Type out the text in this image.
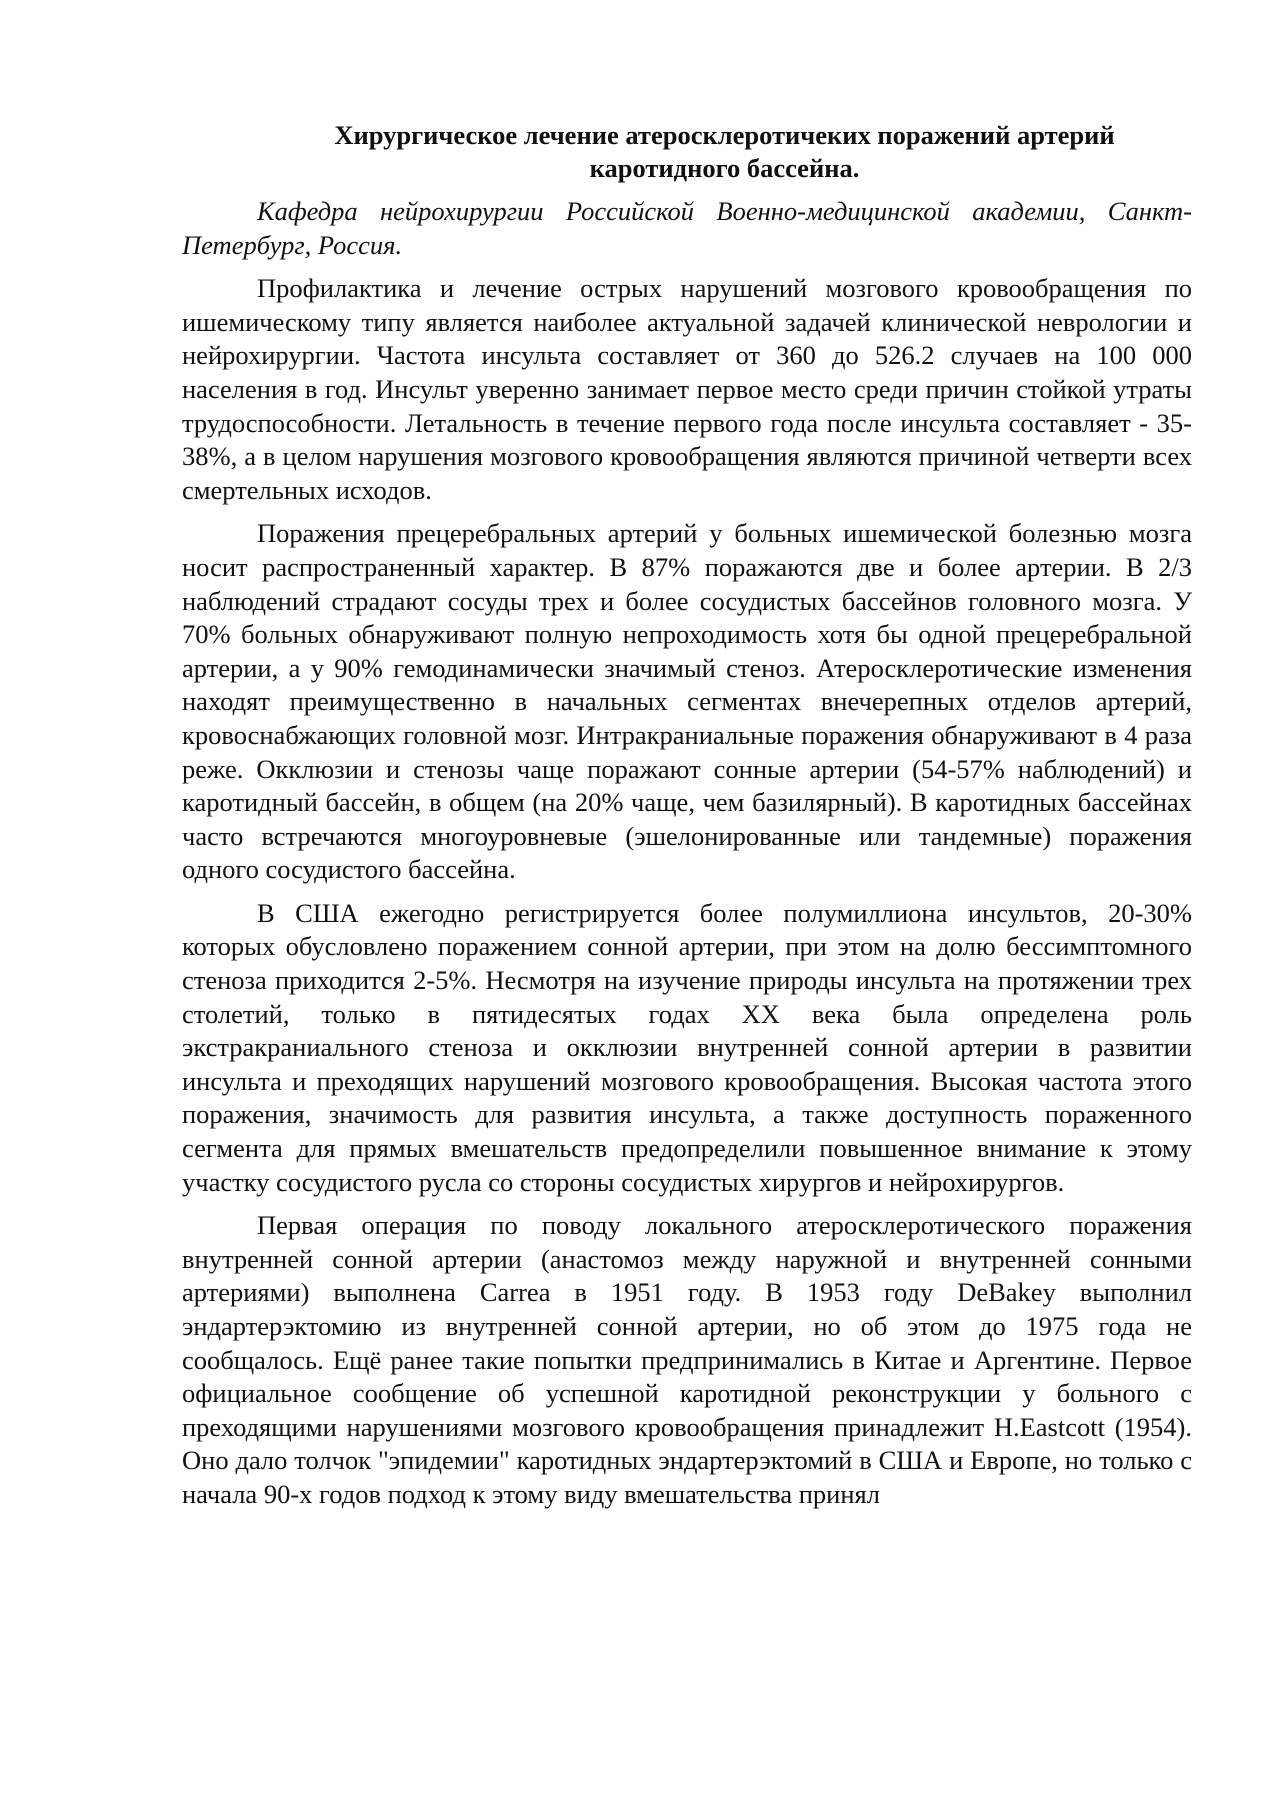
Хирургическое лечение атеросклеротичеких поражений артерий
каротидного бассейна.

Кафедра нейрохирургии Российской Военно-медицинской академии, Санкт-Петербург, Россия.

Профилактика и лечение острых нарушений мозгового кровообращения по ишемическому типу является наиболее актуальной задачей клинической неврологии и нейрохирургии. Частота инсульта составляет от 360 до 526.2 случаев на 100 000 населения в год. Инсульт уверенно занимает первое место среди причин стойкой утраты трудоспособности. Летальность в течение первого года после инсульта составляет - 35-38%, а в целом нарушения мозгового кровообращения являются причиной четверти всех смертельных исходов.

Поражения прецеребральных артерий у больных ишемической болезнью мозга носит распространенный характер. В 87% поражаются две и более артерии. В 2/3 наблюдений страдают сосуды трех и более сосудистых бассейнов головного мозга. У 70% больных обнаруживают полную непроходимость хотя бы одной прецеребральной артерии, а у 90% гемодинамически значимый стеноз. Атеросклеротические изменения находят преимущественно в начальных сегментах внечерепных отделов артерий, кровоснабжающих головной мозг. Интракраниальные поражения обнаруживают в 4 раза реже. Окклюзии и стенозы чаще поражают сонные артерии (54-57% наблюдений) и каротидный бассейн, в общем (на 20% чаще, чем базилярный). В каротидных бассейнах часто встречаются многоуровневые (эшелонированные или тандемные) поражения одного сосудистого бассейна.

В США ежегодно регистрируется более полумиллиона инсультов, 20-30% которых обусловлено поражением сонной артерии, при этом на долю бессимптомного стеноза приходится 2-5%. Несмотря на изучение природы инсульта на протяжении трех столетий, только в пятидесятых годах XX века была определена роль экстракраниального стеноза и окклюзии внутренней сонной артерии в развитии инсульта и преходящих нарушений мозгового кровообращения. Высокая частота этого поражения, значимость для развития инсульта, а также доступность пораженного сегмента для прямых вмешательств предопределили повышенное внимание к этому участку сосудистого русла со стороны сосудистых хирургов и нейрохирургов.

Первая операция по поводу локального атеросклеротического поражения внутренней сонной артерии (анастомоз между наружной и внутренней сонными артериями) выполнена Carrea в 1951 году. В 1953 году DeBakey выполнил эндартерэктомию из внутренней сонной артерии, но об этом до 1975 года не сообщалось. Ещё ранее такие попытки предпринимались в Китае и Аргентине. Первое официальное сообщение об успешной каротидной реконструкции у больного с преходящими нарушениями мозгового кровообращения принадлежит H.Eastcott (1954). Оно дало толчок "эпидемии" каротидных эндартерэктомий в США и Европе, но только с начала 90-х годов подход к этому виду вмешательства принял
